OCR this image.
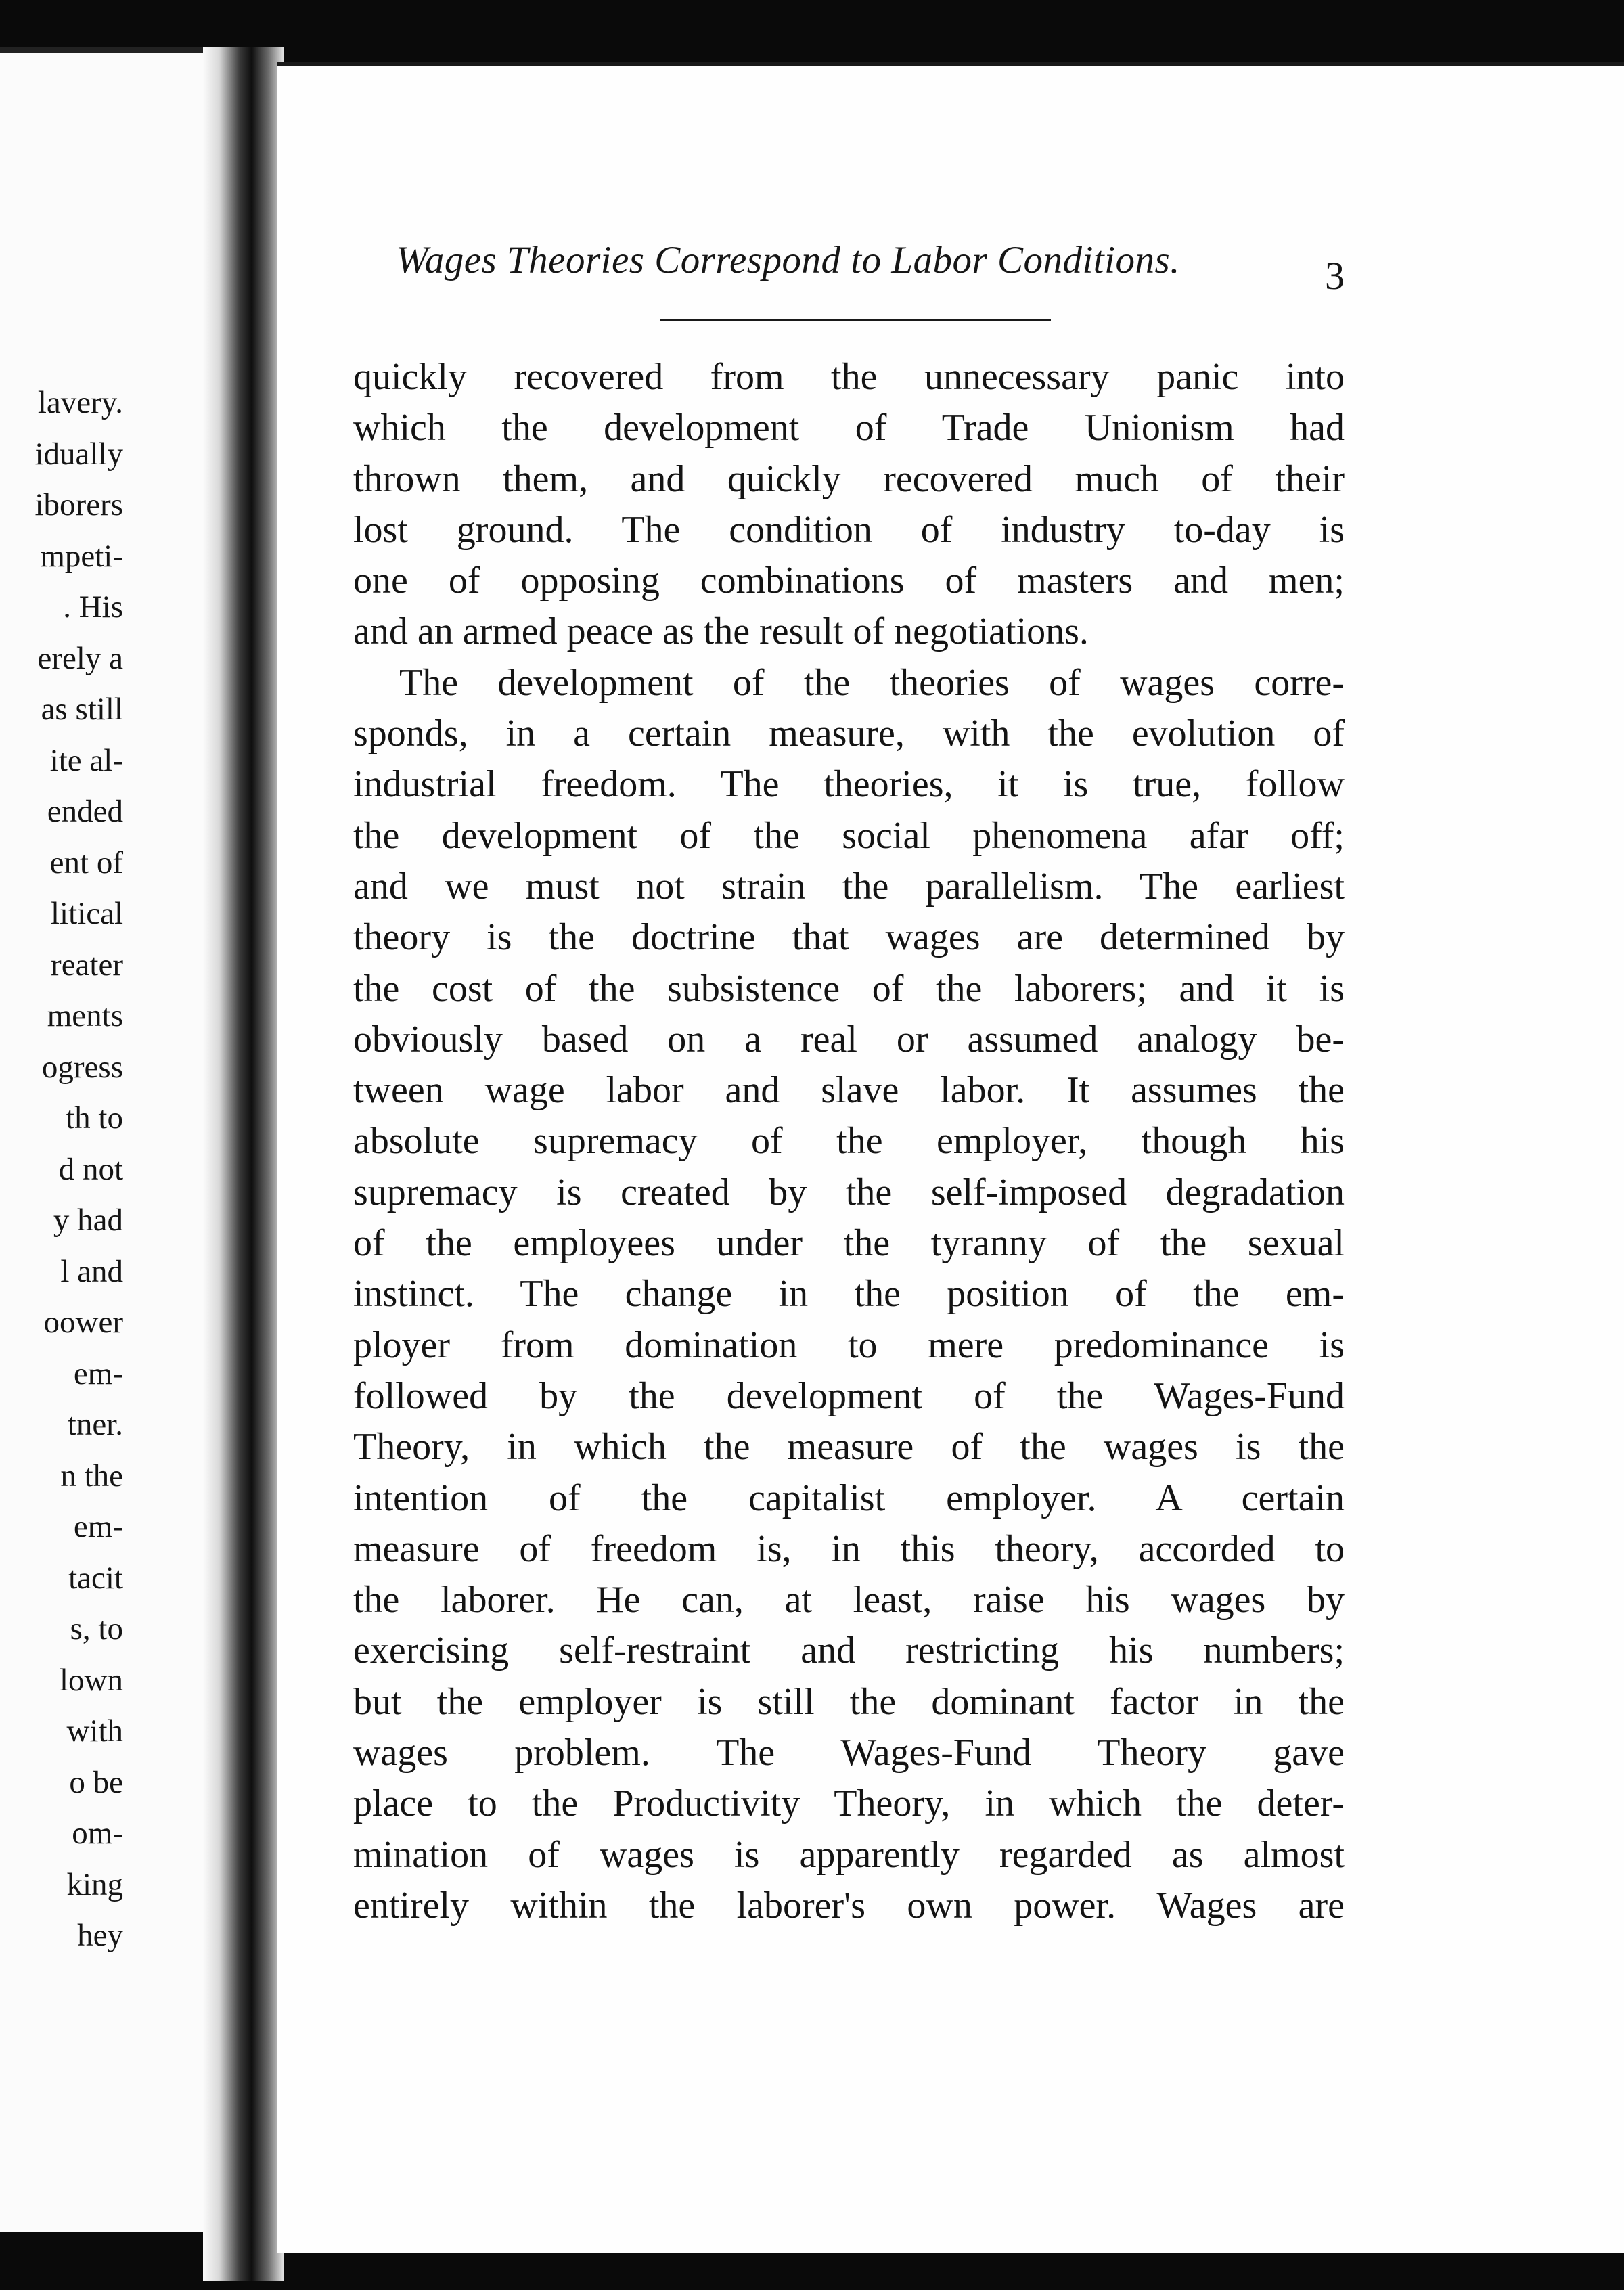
lavery.
idually
iborers
mpeti-
. His
erely a
as still
ite al-
ended
ent of
litical
reater
ments
ogress
th to
d not
y had
l and
oower
em-
tner.
n the
em-
tacit
s, to
lown
with
o be
om-
king
hey
Wages Theories Correspond to Labor Conditions.	3
quickly recovered from the unnecessary panic into
which the development of Trade Unionism had
thrown them, and quickly recovered much of their
lost ground. The condition of industry to-day is
one of opposing combinations of masters and men;
and an armed peace as the result of negotiations.
The development of the theories of wages corre-
sponds, in a certain measure, with the evolution of
industrial freedom. The theories, it is true, follow
the development of the social phenomena afar off;
and we must not strain the parallelism. The earliest
theory is the doctrine that wages are determined by
the cost of the subsistence of the laborers; and it is
obviously based on a real or assumed analogy be-
tween wage labor and slave labor. It assumes the
absolute supremacy of the employer, though his
supremacy is created by the self-imposed degradation
of the employees under the tyranny of the sexual
instinct. The change in the position of the em-
ployer from domination to mere predominance is
followed by the development of the Wages-Fund
Theory, in which the measure of the wages is the
intention of the capitalist employer. A certain
measure of freedom is, in this theory, accorded to
the laborer. He can, at least, raise his wages by
exercising self-restraint and restricting his numbers;
but the employer is still the dominant factor in the
wages problem. The Wages-Fund Theory gave
place to the Productivity Theory, in which the deter-
mination of wages is apparently regarded as almost
entirely within the laborer's own power. Wages are
